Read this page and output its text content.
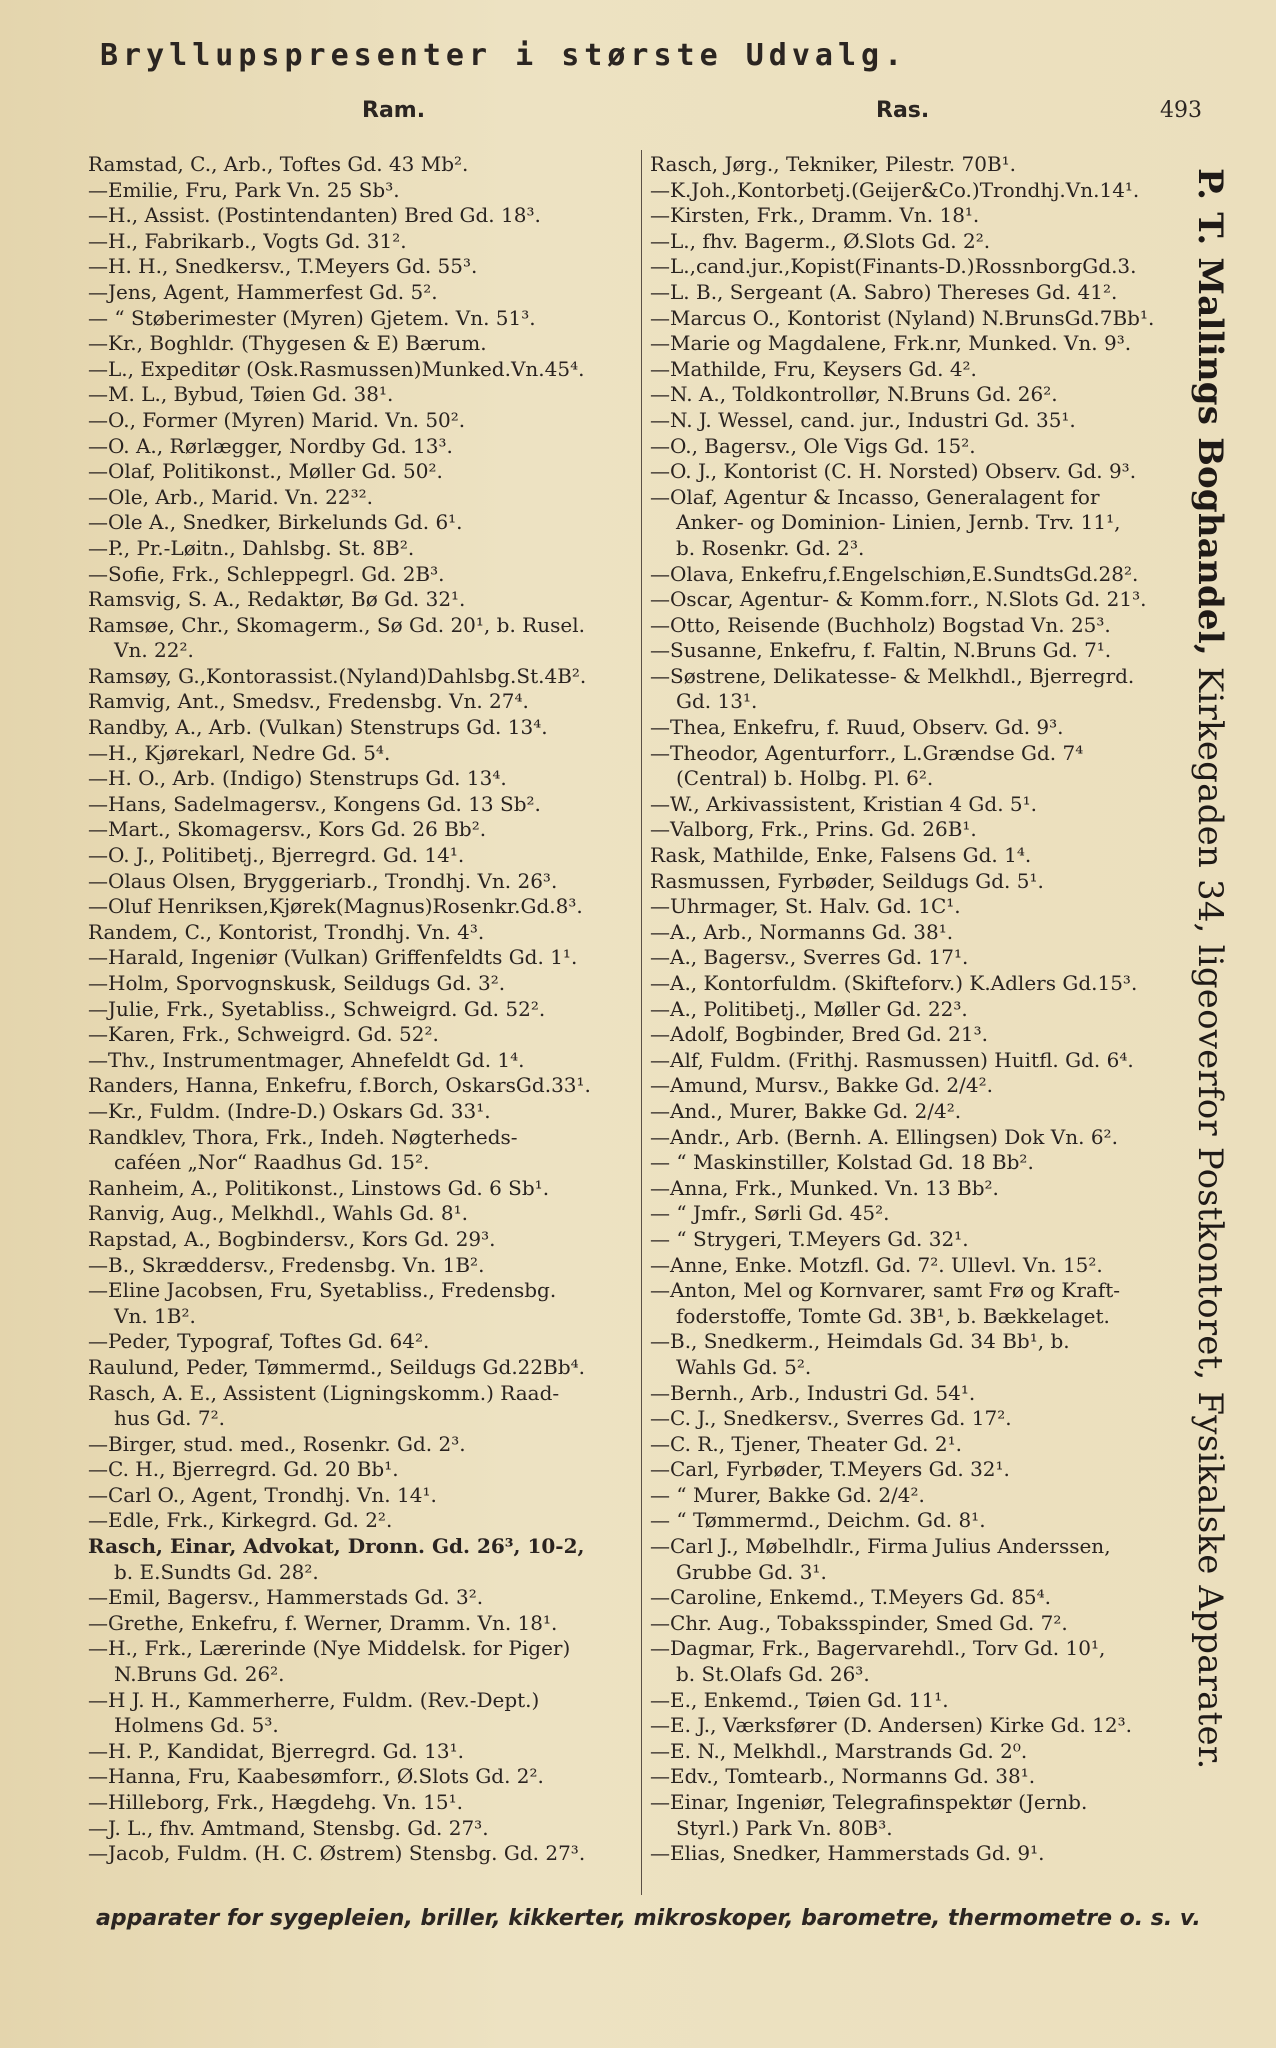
Bryllupspresenter i største Udvalg.
Ram.	Ras.	493
Ramstad, C., Arb., Toftes Gd. 43 Mb².
—Emilie, Fru, Park Vn. 25 Sb³.
—H., Assist. (Postintendanten) Bred Gd. 18³.
—H., Fabrikarb., Vogts Gd. 31².
—H. H., Snedkersv., T.Meyers Gd. 55³.
—Jens, Agent, Hammerfest Gd. 5².
— “ Støberimester (Myren) Gjetem. Vn. 51³.
—Kr., Boghldr. (Thygesen & E) Bærum.
—L., Expeditør (Osk.Rasmussen)Munked.Vn.45⁴.
—M. L., Bybud, Tøien Gd. 38¹.
—O., Former (Myren) Marid. Vn. 50².
—O. A., Rørlægger, Nordby Gd. 13³.
—Olaf, Politikonst., Møller Gd. 50².
—Ole, Arb., Marid. Vn. 22³².
—Ole A., Snedker, Birkelunds Gd. 6¹.
—P., Pr.-Løitn., Dahlsbg. St. 8B².
—Sofie, Frk., Schleppegrl. Gd. 2B³.
Ramsvig, S. A., Redaktør, Bø Gd. 32¹.
Ramsøe, Chr., Skomagerm., Sø Gd. 20¹, b. Rusel.
Vn. 22².
Ramsøy, G.,Kontorassist.(Nyland)Dahlsbg.St.4B².
Ramvig, Ant., Smedsv., Fredensbg. Vn. 27⁴.
Randby, A., Arb. (Vulkan) Stenstrups Gd. 13⁴.
—H., Kjørekarl, Nedre Gd. 5⁴.
—H. O., Arb. (Indigo) Stenstrups Gd. 13⁴.
—Hans, Sadelmagersv., Kongens Gd. 13 Sb².
—Mart., Skomagersv., Kors Gd. 26 Bb².
—O. J., Politibetj., Bjerregrd. Gd. 14¹.
—Olaus Olsen, Bryggeriarb., Trondhj. Vn. 26³.
—Oluf Henriksen,Kjørek(Magnus)Rosenkr.Gd.8³.
Randem, C., Kontorist, Trondhj. Vn. 4³.
—Harald, Ingeniør (Vulkan) Griffenfeldts Gd. 1¹.
—Holm, Sporvognskusk, Seildugs Gd. 3².
—Julie, Frk., Syetabliss., Schweigrd. Gd. 52².
—Karen, Frk., Schweigrd. Gd. 52².
—Thv., Instrumentmager, Ahnefeldt Gd. 1⁴.
Randers, Hanna, Enkefru, f.Borch, OskarsGd.33¹.
—Kr., Fuldm. (Indre-D.) Oskars Gd. 33¹.
Randklev, Thora, Frk., Indeh. Nøgterheds-
caféen „Nor“ Raadhus Gd. 15².
Ranheim, A., Politikonst., Linstows Gd. 6 Sb¹.
Ranvig, Aug., Melkhdl., Wahls Gd. 8¹.
Rapstad, A., Bogbindersv., Kors Gd. 29³.
—B., Skræddersv., Fredensbg. Vn. 1B².
—Eline Jacobsen, Fru, Syetabliss., Fredensbg.
Vn. 1B².
—Peder, Typograf, Toftes Gd. 64².
Raulund, Peder, Tømmermd., Seildugs Gd.22Bb⁴.
Rasch, A. E., Assistent (Ligningskomm.) Raad-
hus Gd. 7².
—Birger, stud. med., Rosenkr. Gd. 2³.
—C. H., Bjerregrd. Gd. 20 Bb¹.
—Carl O., Agent, Trondhj. Vn. 14¹.
—Edle, Frk., Kirkegrd. Gd. 2².
Rasch, Einar, Advokat, Dronn. Gd. 26³, 10-2,
b. E.Sundts Gd. 28².
—Emil, Bagersv., Hammerstads Gd. 3².
—Grethe, Enkefru, f. Werner, Dramm. Vn. 18¹.
—H., Frk., Lærerinde (Nye Middelsk. for Piger)
N.Bruns Gd. 26².
—H J. H., Kammerherre, Fuldm. (Rev.-Dept.)
Holmens Gd. 5³.
—H. P., Kandidat, Bjerregrd. Gd. 13¹.
—Hanna, Fru, Kaabesømforr., Ø.Slots Gd. 2².
—Hilleborg, Frk., Hægdehg. Vn. 15¹.
—J. L., fhv. Amtmand, Stensbg. Gd. 27³.
—Jacob, Fuldm. (H. C. Østrem) Stensbg. Gd. 27³.
Rasch, Jørg., Tekniker, Pilestr. 70B¹.
—K.Joh.,Kontorbetj.(Geijer&Co.)Trondhj.Vn.14¹.
—Kirsten, Frk., Dramm. Vn. 18¹.
—L., fhv. Bagerm., Ø.Slots Gd. 2².
—L.,cand.jur.,Kopist(Finants-D.)RossnborgGd.3.
—L. B., Sergeant (A. Sabro) Thereses Gd. 41².
—Marcus O., Kontorist (Nyland) N.BrunsGd.7Bb¹.
—Marie og Magdalene, Frk.nr, Munked. Vn. 9³.
—Mathilde, Fru, Keysers Gd. 4².
—N. A., Toldkontrollør, N.Bruns Gd. 26².
—N. J. Wessel, cand. jur., Industri Gd. 35¹.
—O., Bagersv., Ole Vigs Gd. 15².
—O. J., Kontorist (C. H. Norsted) Observ. Gd. 9³.
—Olaf, Agentur & Incasso, Generalagent for
Anker- og Dominion- Linien, Jernb. Trv. 11¹,
b. Rosenkr. Gd. 2³.
—Olava, Enkefru,f.Engelschiøn,E.SundtsGd.28².
—Oscar, Agentur- & Komm.forr., N.Slots Gd. 21³.
—Otto, Reisende (Buchholz) Bogstad Vn. 25³.
—Susanne, Enkefru, f. Faltin, N.Bruns Gd. 7¹.
—Søstrene, Delikatesse- & Melkhdl., Bjerregrd.
Gd. 13¹.
—Thea, Enkefru, f. Ruud, Observ. Gd. 9³.
—Theodor, Agenturforr., L.Grændse Gd. 7⁴
(Central) b. Holbg. Pl. 6².
—W., Arkivassistent, Kristian 4 Gd. 5¹.
—Valborg, Frk., Prins. Gd. 26B¹.
Rask, Mathilde, Enke, Falsens Gd. 1⁴.
Rasmussen, Fyrbøder, Seildugs Gd. 5¹.
—Uhrmager, St. Halv. Gd. 1C¹.
—A., Arb., Normanns Gd. 38¹.
—A., Bagersv., Sverres Gd. 17¹.
—A., Kontorfuldm. (Skifteforv.) K.Adlers Gd.15³.
—A., Politibetj., Møller Gd. 22³.
—Adolf, Bogbinder, Bred Gd. 21³.
—Alf, Fuldm. (Frithj. Rasmussen) Huitfl. Gd. 6⁴.
—Amund, Mursv., Bakke Gd. 2/4².
—And., Murer, Bakke Gd. 2/4².
—Andr., Arb. (Bernh. A. Ellingsen) Dok Vn. 6².
— “ Maskinstiller, Kolstad Gd. 18 Bb².
—Anna, Frk., Munked. Vn. 13 Bb².
— “ Jmfr., Sørli Gd. 45².
— “ Strygeri, T.Meyers Gd. 32¹.
—Anne, Enke. Motzfl. Gd. 7². Ullevl. Vn. 15².
—Anton, Mel og Kornvarer, samt Frø og Kraft-
foderstoffe, Tomte Gd. 3B¹, b. Bækkelaget.
—B., Snedkerm., Heimdals Gd. 34 Bb¹, b.
Wahls Gd. 5².
—Bernh., Arb., Industri Gd. 54¹.
—C. J., Snedkersv., Sverres Gd. 17².
—C. R., Tjener, Theater Gd. 2¹.
—Carl, Fyrbøder, T.Meyers Gd. 32¹.
— “ Murer, Bakke Gd. 2/4².
— “ Tømmermd., Deichm. Gd. 8¹.
—Carl J., Møbelhdlr., Firma Julius Anderssen,
Grubbe Gd. 3¹.
—Caroline, Enkemd., T.Meyers Gd. 85⁴.
—Chr. Aug., Tobaksspinder, Smed Gd. 7².
—Dagmar, Frk., Bagervarehdl., Torv Gd. 10¹,
b. St.Olafs Gd. 26³.
—E., Enkemd., Tøien Gd. 11¹.
—E. J., Værksfører (D. Andersen) Kirke Gd. 12³.
—E. N., Melkhdl., Marstrands Gd. 2⁰.
—Edv., Tomtearb., Normanns Gd. 38¹.
—Einar, Ingeniør, Telegrafinspektør (Jernb.
Styrl.) Park Vn. 80B³.
—Elias, Snedker, Hammerstads Gd. 9¹.
P. T. Mallings Boghandel, Kirkegaden 34, ligeoverfor Postkontoret, Fysikalske Apparater.
apparater for sygepleien, briller, kikkerter, mikroskoper, barometre, thermometre o. s. v.
